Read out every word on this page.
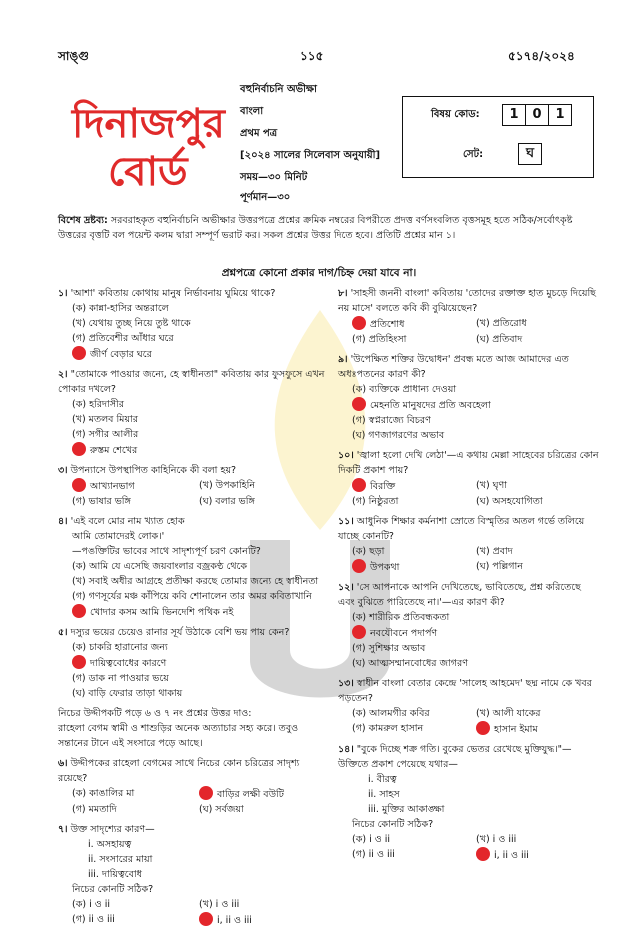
সাঙ্গু	১১৫	৫১৭৪/২০২৪
দিনাজপুর
বোর্ড
বহুনির্বাচনি অভীক্ষা
বাংলা
প্রথম পত্র
[২০২৪ সালের সিলেবাস অনুযায়ী]
সময়—৩০ মিনিট
পূর্ণমান—৩০
বিষয় কোড:	1 0 1
সেট:	ঘ
বিশেষ দ্রষ্টব্য: সরবরাহকৃত বহুনির্বাচনি অভীক্ষার উত্তরপত্রে প্রশ্নের ক্রমিক নম্বরের বিপরীতে প্রদত্ত বর্ণসংবলিত বৃত্তসমূহ হতে সঠিক/সর্বোৎকৃষ্ট উত্তরের বৃত্তটি বল পয়েন্ট কলম দ্বারা সম্পূর্ণ ভরাট কর। সকল প্রশ্নের উত্তর দিতে হবে। প্রতিটি প্রশ্নের মান ১।
প্রশ্নপত্রে কোনো প্রকার দাগ/চিহ্ন দেয়া যাবে না।
১। 'আশা' কবিতায় কোথায় মানুষ নির্ভাবনায় ঘুমিয়ে থাকে?
(ক) কান্না-হাসির অন্তরালে
(খ) যেথায় তুচ্ছ নিয়ে তুষ্ট থাকে
(গ) প্রতিবেশীর আঁধার ঘরে
জীর্ণ বেড়ার ঘরে
২। "তোমাকে পাওয়ার জন্যে, হে স্বাধীনতা" কবিতায় কার ফুসফুসে এখন পোকার দখলে?
(ক) হরিদাসীর
(খ) মতলব মিয়ার
(গ) সগীর আলীর
রুস্তম শেখের
৩। উপন্যাসে উপস্থাপিত কাহিনিকে কী বলা হয়?
আখ্যানভাগ	(খ) উপকাহিনি
(গ) ভাষার ভঙ্গি	(ঘ) বলার ভঙ্গি
৪। 'এই বলে মোর নাম খ্যাত হোক
আমি তোমাদেরই লোক।'
—পঙক্তিটির ভাবের সাথে সাদৃশ্যপূর্ণ চরণ কোনটি?
(ক) আমি যে এসেছি জয়বাংলার বজ্রকণ্ঠ থেকে
(খ) সবাই অধীর আগ্রহে প্রতীক্ষা করছে তোমার জন্যে হে স্বাধীনতা
(গ) গণসূর্যের মঞ্চ কাঁপিয়ে কবি শোনালেন তার অমর কবিতাখানি
খোদার কসম আমি ভিনদেশি পথিক নই
৫। দস্যুর ভয়ের চেয়েও রানার সূর্য উঠাকে বেশি ভয় পায় কেন?
(ক) চাকরি হারানোর জন্য
দায়িত্ববোধের কারণে
(গ) ডাক না পাওয়ার ভয়ে
(ঘ) বাড়ি ফেরার তাড়া থাকায়
নিচের উদ্দীপকটি পড়ে ৬ ও ৭ নং প্রশ্নের উত্তর দাও:
রাহেলা বেগম স্বামী ও শাশুড়ির অনেক অত্যাচার সহ্য করে। তবুও সন্তানের টানে এই সংসারে পড়ে আছে।
৬। উদ্দীপকের রাহেলা বেগমের সাথে নিচের কোন চরিত্রের সাদৃশ্য রয়েছে?
(ক) কাঙালির মা	বাড়ির লক্ষী বউটি
(গ) মমতাদি	(ঘ) সর্বজয়া
৭। উক্ত সাদৃশ্যের কারণ—
i. অসহায়ত্ব
ii. সংসারের মায়া
iii. দায়িত্ববোধ
নিচের কোনটি সঠিক?
(ক) i ও ii	(খ) i ও iii
(গ) ii ও iii	i, ii ও iii
৮। 'সাহসী জননী বাংলা' কবিতায় 'তোদের রক্তাক্ত হাত মুচড়ে দিয়েছি নয় মাসে' বলতে কবি কী বুঝিয়েছেন?
প্রতিশোধ	(খ) প্রতিরোধ
(গ) প্রতিহিংসা	(ঘ) প্রতিবাদ
৯। 'উপেক্ষিত শক্তির উদ্বোধন' প্রবন্ধ মতে আজ আমাদের এত অধঃপতনের কারণ কী?
(ক) ব্যক্তিকে প্রাধান্য দেওয়া
মেহনতি মানুষদের প্রতি অবহেলা
(গ) স্বপ্নরাজ্যে বিচরণ
(ঘ) গণজাগরণের অভাব
১০। 'জ্বালা হলো দেখি লেঠা'—এ কথায় মেল্লা সাহেবের চরিত্রের কোন দিকটি প্রকাশ পায়?
বিরক্তি	(খ) ঘৃণা
(গ) নিষ্ঠুরতা	(ঘ) অসহযোগিতা
১১। আধুনিক শিক্ষার কর্মনাশা স্রোতে বিস্মৃতির অতল গর্ভে তলিয়ে যাচ্ছে কোনটি?
(ক) ছড়া	(খ) প্রবাদ
উপকথা	(ঘ) পল্লিগান
১২। 'সে আপনাকে আপনি দেখিতেছে, ভাবিতেছে, প্রশ্ন করিতেছে এবং বুঝিতে পারিতেছে না।'—এর কারণ কী?
(ক) শারীরিক প্রতিবন্ধকতা
নবযৌবনে পদার্পণ
(গ) সুশিক্ষার অভাব
(ঘ) আত্মসম্মানবোধের জাগরণ
১৩। স্বাধীন বাংলা বেতার কেন্দ্রে 'সালেহ আহমেদ' ছদ্ম নামে কে খবর পড়তেন?
(ক) আলমগীর কবির	(খ) আলী যাকের
(গ) কামরুল হাসান	হাসান ইমাম
১৪। "বুকে দিচ্ছে শক্র গতি। বুকের ভেতর রেখেছে মুক্তিযুদ্ধ।"—উক্তিতে প্রকাশ পেয়েছে যথার—
i. বীরত্ব
ii. সাহস
iii. মুক্তির আকাঙ্ক্ষা
নিচের কোনটি সঠিক?
(ক) i ও ii	(খ) i ও iii
(গ) ii ও iii	i, ii ও iii
